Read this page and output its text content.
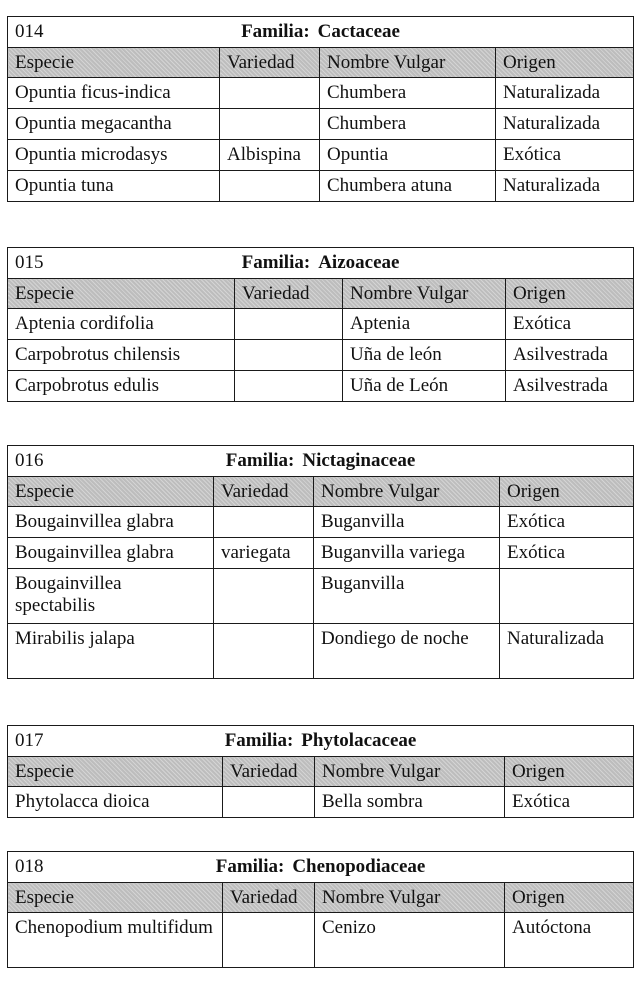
014 Familia: Cactaceae			

Especie	Variedad	Nombre Vulgar	Origen
Opuntia ficus-indica		Chumbera	Naturalizada
Opuntia megacantha		Chumbera	Naturalizada
Opuntia microdasys	Albispina	Opuntia	Exótica
Opuntia tuna		Chumbera atuna	Naturalizada
015 Familia: Aizoaceae			

Especie	Variedad	Nombre Vulgar	Origen
Aptenia cordifolia		Aptenia	Exótica
Carpobrotus chilensis		Uña de león	Asilvestrada
Carpobrotus edulis		Uña de León	Asilvestrada
016 Familia: Nictaginaceae			

Especie	Variedad	Nombre Vulgar	Origen
Bougainvillea glabra		Buganvilla	Exótica
Bougainvillea glabra	variegata	Buganvilla variega	Exótica
Bougainvillea spectabilis		Buganvilla	
Mirabilis jalapa		Dondiego de noche	Naturalizada
017 Familia: Phytolacaceae			

Especie	Variedad	Nombre Vulgar	Origen
Phytolacca dioica		Bella sombra	Exótica
018 Familia: Chenopodiaceae			

Especie	Variedad	Nombre Vulgar	Origen
Chenopodium multifidum		Cenizo	Autóctona
